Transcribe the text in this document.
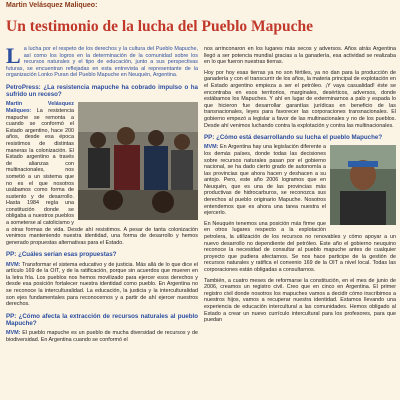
Martin Velásquez Maliqueo:
Un testimonio de la lucha del Pueblo Mapuche

La lucha por el respeto de los derechos y la cultura del Pueblo Mapuche, así como los logros en la determinación de la comunidad sobre los recursos naturales y el tipo de educación, junto a sus perspectivas futuras, se encuentran reflejadas en esta entrevista al representante de la organización Lonko Puran del Pueblo Mapuche en Neuquén, Argentina.

PetroPress: ¿La resistencia mapuche ha cobrado impulso o ha sufrido un receso?

Martin Velásquez Maliqueo: La resistencia mapuche se remonta a cuando se conformó el Estado argentino, hace 200 años, desde esa época resistimos de distintas maneras la colonización. El Estado argentino a través de alianzas con multinacionales, nos sometió a un sistema que no es el que nosotros usábamos como forma de sustento y de desarrollo. Hasta 1984 regía una constitución donde se obligaba a nuestros pueblos a someterse al catolicismo y a otras formas de vida. Desde ahí resistimos. A pesar de tanta colonización venimos manteniendo nuestra identidad, una forma de desarrollo y hemos generado propuestas alternativas para el Estado.

PP: ¿Cuáles serían esas propuestas?

MVM: Transformar el sistema educativo y de justicia. Más allá de lo que dice el artículo 169 de la OIT, y de la ratificación, porque sin acuerdos que mueren en la letra fría. Los pueblos nos hemos movilizado para ejercer esos derechos y desde esa posición fortalecer nuestra identidad como pueblo. En Argentina no se reconoce la interculturalidad. La educación, la justicia y la interculturalidad son ejes fundamentales para reconocernos y a partir de ahí ejercer nuestros derechos.

PP: ¿Cómo afecta la extracción de recursos naturales al pueblo Mapuche?

MVM: El pueblo mapuche es un pueblo de mucha diversidad de recursos y de biodiversidad. En Argentina cuando se conformó el

nos arrinconaron en los lugares más secos y adversos. Años atrás Argentina llegó a ser potencia mundial gracias a la ganadería, esa actividad se realizaba en lo que fueron nuestras tierras.

Hoy por hoy esas tierras ya no son fértiles, ya no dan para la producción de ganadería y con el transcurrir de los años, la materia principal de explotación en el Estado argentino empieza a ser el petróleo. ¡Y vaya casualidad! éste se encontraba en esos territorios, marginales, desérticos, adversos, donde estábamos los Mapuches. Y ahí en lugar de exterminarnos a palo y espada lo que hicieron fue desarrollar garantías jurídicas en beneficio de las transnacionales, leyes para favorecer las corporaciones transnacionales. El gobierno empezó a legislar a favor de las multinacionales y no de los pueblos. Desde ahí venimos luchando contra la explotación y contra las multinacionales.

PP: ¿Cómo está desarrollando su lucha el pueblo Mapuche?

MVM: En Argentina hay una legislación diferente a los demás países, donde todas las decisiones sobre recursos naturales pasan por el gobierno nacional, se ha dado cierto grado de autonomía a las provincias que ahora hacen y deshacen a su antojo. Pero, este año 2006 logramos que en Neuquén, que es una de las provincias más productivas de hidrocarburos, se reconozca sus derechos al pueblo originario Mapuche. Nosotros entendemos que es ahora una tarea nuestra el ejercerlo.

En Neuquén tenemos una posición más firme que en otros lugares respecto a la explotación petrolera, la utilización de los recursos no renovables y cómo apoyar a un nuevo desarrollo no dependiente del petróleo. Este año el gobierno neuquino reconoce la necesidad de consultar al pueblo mapuche antes de cualquier proyecto que pudiera afectarnos. Se nos hace participe de la gestión de recursos naturales y ratifica el convenio 169 de la OIT a nivel local. Todas las corporaciones están obligadas a consultarnos.

También, a cuatro meses de reformarse la constitución, en el mes de junio de 2006, creamos un registro civil. Creo que en cinco en Argentina. El primer registro civil donde nosotros los mapuches vamos a decidir cómo inscribimos a nuestros hijos, vamos a recuperar nuestra identidad. Estamos llevando una experiencia de educación intercultural a las comunidades. Hemos obligado al Estado a crear un nuevo currículo intercultural para los profesores, para que puedan
